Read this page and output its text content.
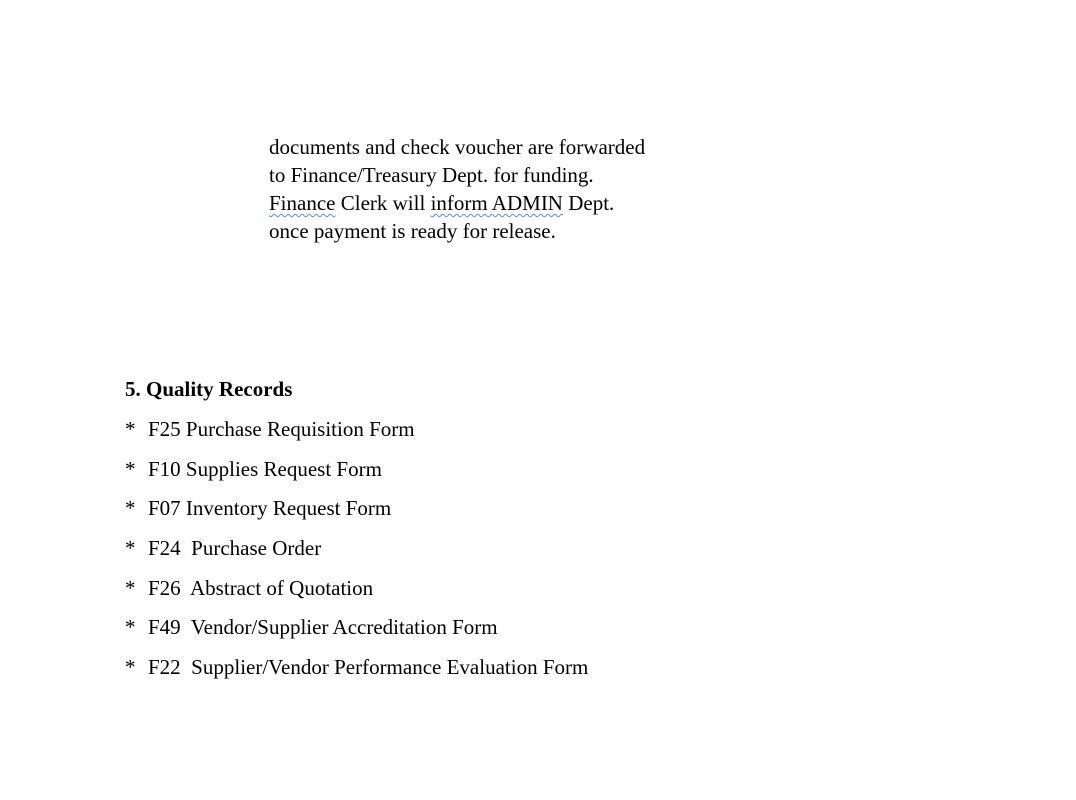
documents and check voucher are forwarded
to Finance/Treasury Dept. for funding.
Finance Clerk will inform ADMIN Dept.
once payment is ready for release.
5. Quality Records
* F25 Purchase Requisition Form
* F10 Supplies Request Form
* F07 Inventory Request Form
* F24  Purchase Order
* F26  Abstract of Quotation
* F49  Vendor/Supplier Accreditation Form
* F22  Supplier/Vendor Performance Evaluation Form
